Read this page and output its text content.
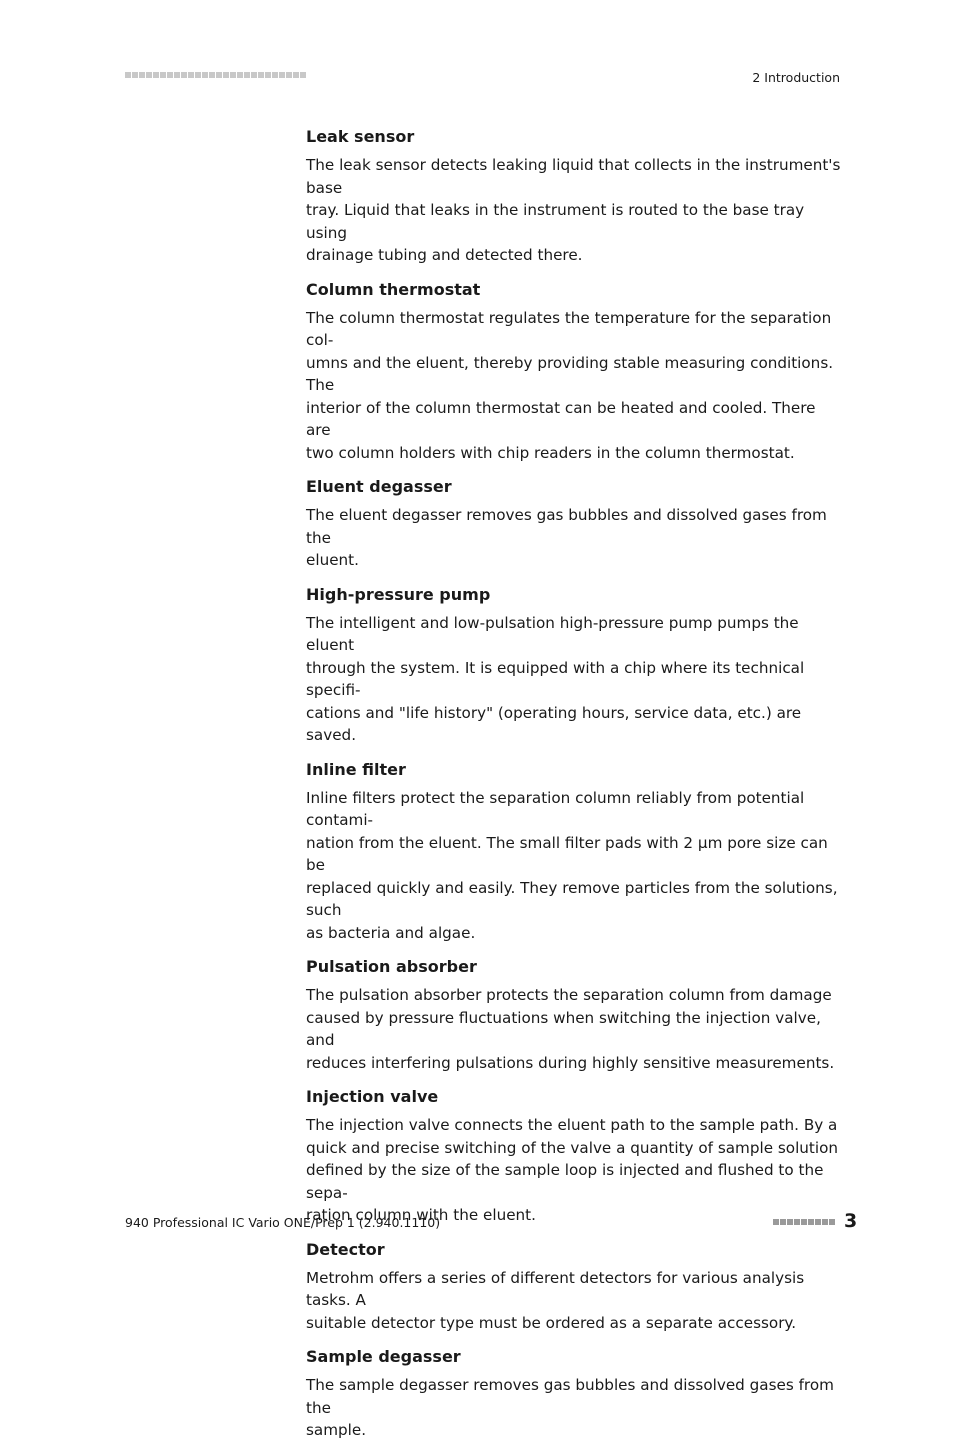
2 Introduction
Leak sensor

The leak sensor detects leaking liquid that collects in the instrument's base
tray. Liquid that leaks in the instrument is routed to the base tray using
drainage tubing and detected there.

Column thermostat

The column thermostat regulates the temperature for the separation col-
umns and the eluent, thereby providing stable measuring conditions. The
interior of the column thermostat can be heated and cooled. There are
two column holders with chip readers in the column thermostat.

Eluent degasser

The eluent degasser removes gas bubbles and dissolved gases from the
eluent.

High-pressure pump

The intelligent and low-pulsation high-pressure pump pumps the eluent
through the system. It is equipped with a chip where its technical specifi-
cations and "life history" (operating hours, service data, etc.) are saved.

Inline filter

Inline filters protect the separation column reliably from potential contami-
nation from the eluent. The small filter pads with 2 µm pore size can be
replaced quickly and easily. They remove particles from the solutions, such
as bacteria and algae.

Pulsation absorber

The pulsation absorber protects the separation column from damage
caused by pressure fluctuations when switching the injection valve, and
reduces interfering pulsations during highly sensitive measurements.

Injection valve

The injection valve connects the eluent path to the sample path. By a
quick and precise switching of the valve a quantity of sample solution
defined by the size of the sample loop is injected and flushed to the sepa-
ration column with the eluent.

Detector

Metrohm offers a series of different detectors for various analysis tasks. A
suitable detector type must be ordered as a separate accessory.

Sample degasser

The sample degasser removes gas bubbles and dissolved gases from the
sample.

940 Professional IC Vario ONE/Prep 1 (2.940.1110)	3
